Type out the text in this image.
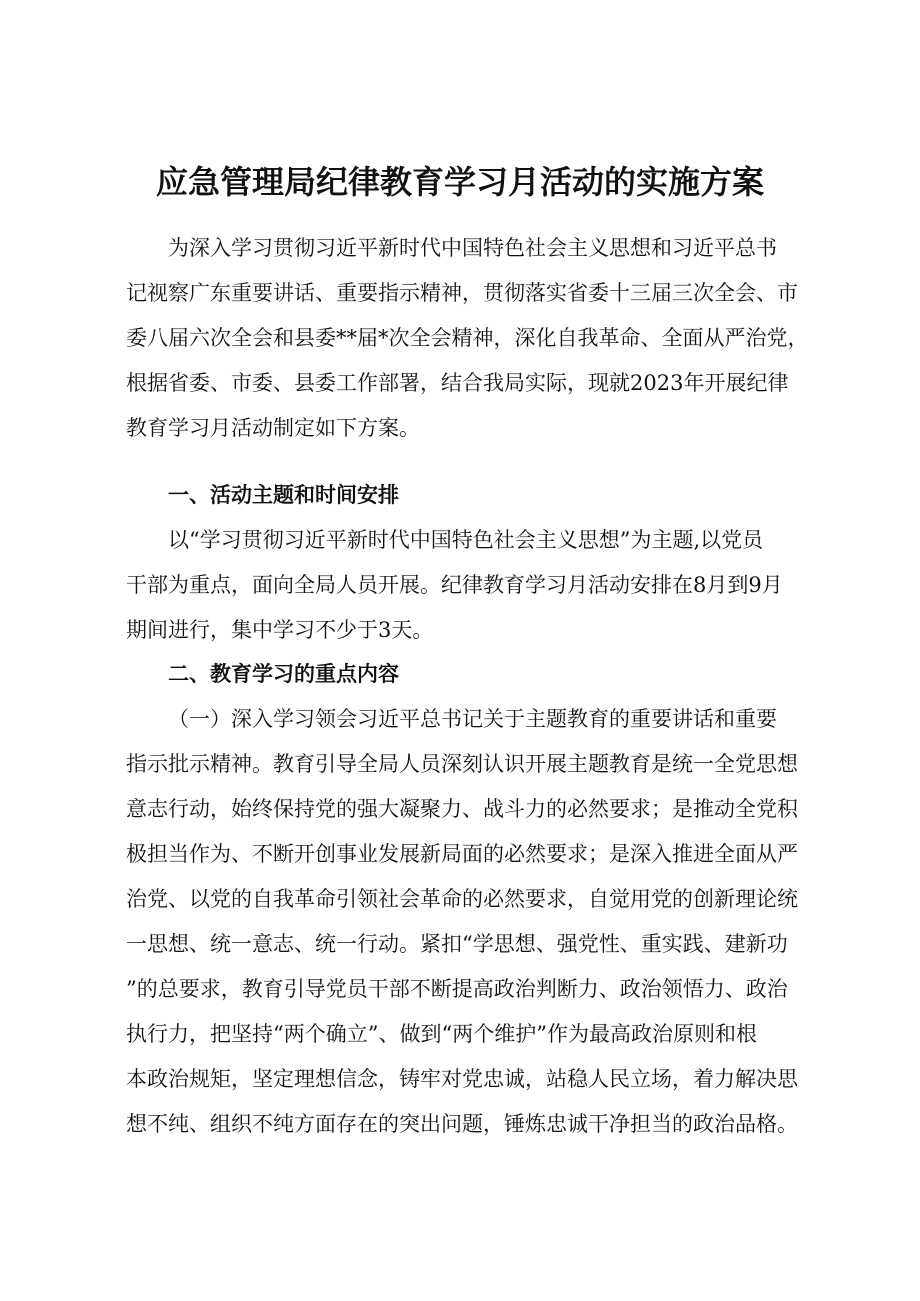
应急管理局纪律教育学习月活动的实施方案
为深入学习贯彻习近平新时代中国特色社会主义思想和习近平总书
记视察广东重要讲话、重要指示精神，贯彻落实省委十三届三次全会、市
委八届六次全会和县委**届*次全会精神，深化自我革命、全面从严治党，
根据省委、市委、县委工作部署，结合我局实际，现就2023年开展纪律
教育学习月活动制定如下方案。
一、活动主题和时间安排
以“学习贯彻习近平新时代中国特色社会主义思想”为主题,以党员
干部为重点，面向全局人员开展。纪律教育学习月活动安排在8月到9月
期间进行，集中学习不少于3天。
二、教育学习的重点内容
（一）深入学习领会习近平总书记关于主题教育的重要讲话和重要
指示批示精神。教育引导全局人员深刻认识开展主题教育是统一全党思想
意志行动，始终保持党的强大凝聚力、战斗力的必然要求；是推动全党积
极担当作为、不断开创事业发展新局面的必然要求；是深入推进全面从严
治党、以党的自我革命引领社会革命的必然要求，自觉用党的创新理论统
一思想、统一意志、统一行动。紧扣“学思想、强党性、重实践、建新功
”的总要求，教育引导党员干部不断提高政治判断力、政治领悟力、政治
执行力，把坚持“两个确立”、做到“两个维护”作为最高政治原则和根
本政治规矩，坚定理想信念，铸牢对党忠诚，站稳人民立场，着力解决思
想不纯、组织不纯方面存在的突出问题，锤炼忠诚干净担当的政治品格。
